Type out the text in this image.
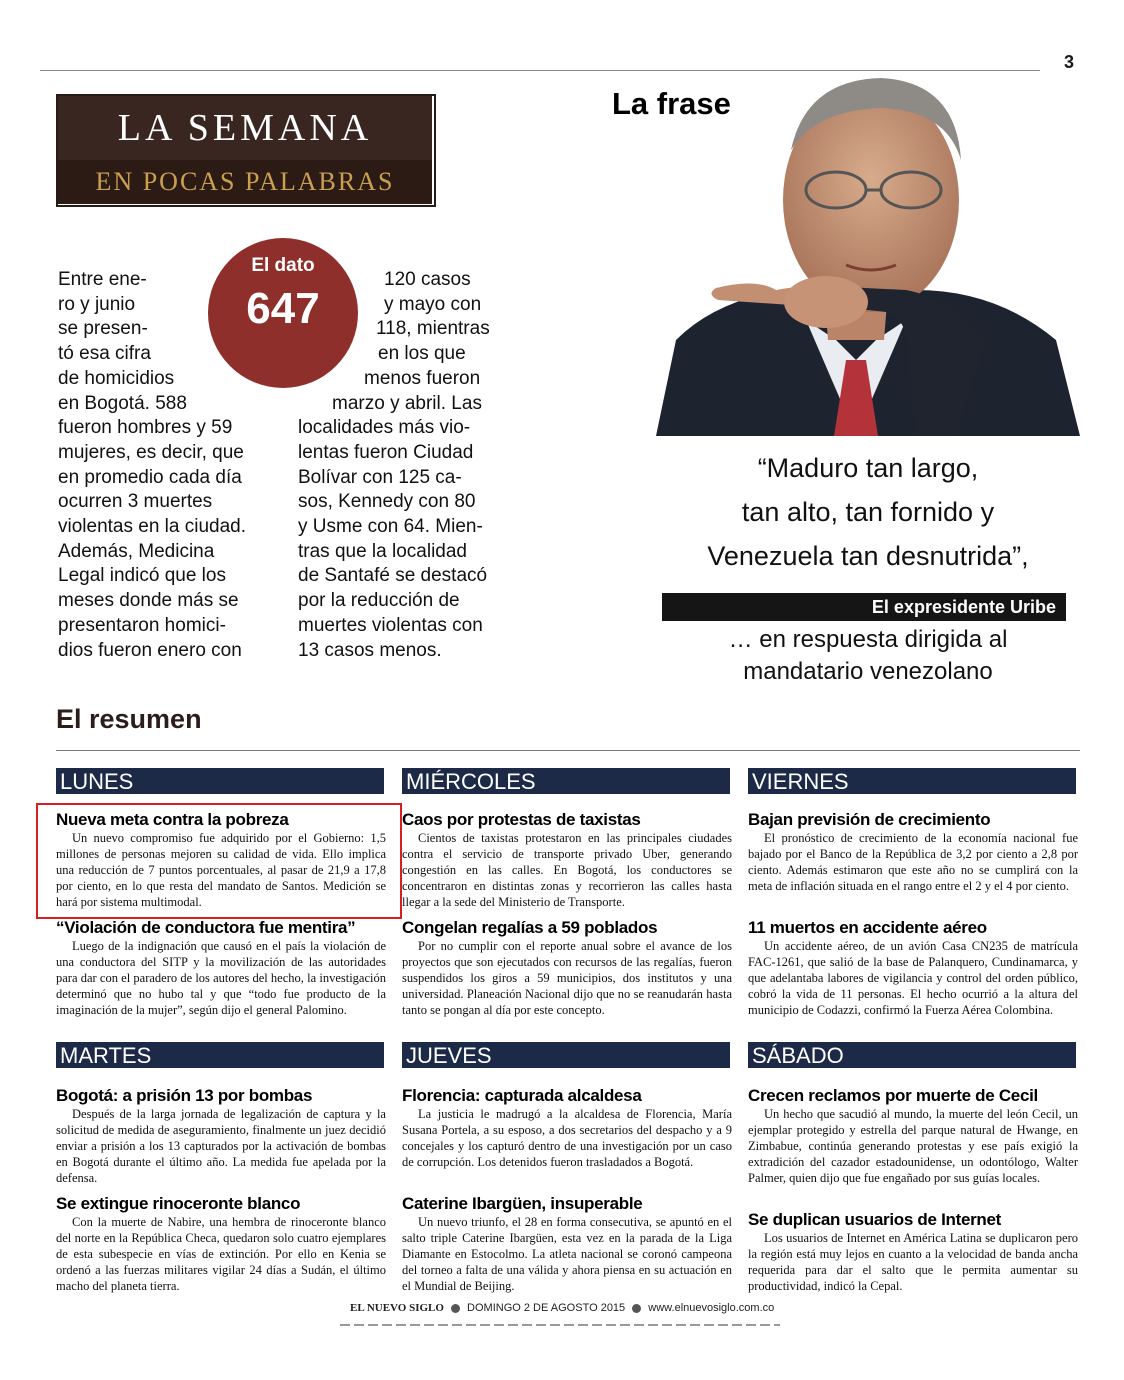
3
LA SEMANA
EN POCAS PALABRAS
La frase
Entre ene-
ro y junio
se presen-
tó esa cifra
de homicidios
en Bogotá. 588
fueron hombres y 59
mujeres, es decir, que
en promedio cada día
ocurren 3 muertes
violentas en la ciudad.
Además, Medicina
Legal indicó que los
meses donde más se
presentaron homici-
dios fueron enero con
120 casos
y mayo con
118, mientras
en los que
menos fueron
marzo y abril. Las
localidades más vio-
lentas fueron Ciudad
Bolívar con 125 ca-
sos, Kennedy con 80
y Usme con 64. Mien-
tras que la localidad
de Santafé se destacó
por la reducción de
muertes violentas con
13 casos menos.
El dato
647
“Maduro tan largo,
tan alto, tan fornido y
Venezuela tan desnutrida”,
El expresidente Uribe
… en respuesta dirigida al
mandatario venezolano
El resumen
LUNES
Nueva meta contra la pobreza
Un nuevo compromiso fue adquirido por el Gobierno: 1,5 millones de personas mejoren su calidad de vida. Ello implica una reducción de 7 puntos porcentuales, al pasar de 21,9 a 17,8 por ciento, en lo que resta del mandato de Santos. Medición se hará por sistema multimodal.
“Violación de conductora fue mentira”
Luego de la indignación que causó en el país la violación de una conductora del SITP y la movilización de las autoridades para dar con el paradero de los autores del hecho, la investigación determinó que no hubo tal y que “todo fue producto de la imaginación de la mujer”, según dijo el general Palomino.
MARTES
Bogotá: a prisión 13 por bombas
Después de la larga jornada de legalización de captura y la solicitud de medida de aseguramiento, finalmente un juez decidió enviar a prisión a los 13 capturados por la activación de bombas en Bogotá durante el último año. La medida fue apelada por la defensa.
Se extingue rinoceronte blanco
Con la muerte de Nabire, una hembra de rinoceronte blanco del norte en la República Checa, quedaron solo cuatro ejemplares de esta subespecie en vías de extinción. Por ello en Kenia se ordenó a las fuerzas militares vigilar 24 días a Sudán, el último macho del planeta tierra.
MIÉRCOLES
Caos por protestas de taxistas
Cientos de taxistas protestaron en las principales ciudades contra el servicio de transporte privado Uber, generando congestión en las calles. En Bogotá, los conductores se concentraron en distintas zonas y recorrieron las calles hasta llegar a la sede del Ministerio de Transporte.
Congelan regalías a 59 poblados
Por no cumplir con el reporte anual sobre el avance de los proyectos que son ejecutados con recursos de las regalías, fueron suspendidos los giros a 59 municipios, dos institutos y una universidad. Planeación Nacional dijo que no se reanudarán hasta tanto se pongan al día por este concepto.
JUEVES
Florencia: capturada alcaldesa
La justicia le madrugó a la alcaldesa de Florencia, María Susana Portela, a su esposo, a dos secretarios del despacho y a 9 concejales y los capturó dentro de una investigación por un caso de corrupción. Los detenidos fueron trasladados a Bogotá.
Caterine Ibargüen, insuperable
Un nuevo triunfo, el 28 en forma consecutiva, se apuntó en el salto triple Caterine Ibargüen, esta vez en la parada de la Liga Diamante en Estocolmo. La atleta nacional se coronó campeona del torneo a falta de una válida y ahora piensa en su actuación en el Mundial de Beijing.
VIERNES
Bajan previsión de crecimiento
El pronóstico de crecimiento de la economía nacional fue bajado por el Banco de la República de 3,2 por ciento a 2,8 por ciento. Además estimaron que este año no se cumplirá con la meta de inflación situada en el rango entre el 2 y el 4 por ciento.
11 muertos en accidente aéreo
Un accidente aéreo, de un avión Casa CN235 de matrícula FAC-1261, que salió de la base de Palanquero, Cundinamarca, y que adelantaba labores de vigilancia y control del orden público, cobró la vida de 11 personas. El hecho ocurrió a la altura del municipio de Codazzi, confirmó la Fuerza Aérea Colombina.
SÁBADO
Crecen reclamos por muerte de Cecil
Un hecho que sacudió al mundo, la muerte del león Cecil, un ejemplar protegido y estrella del parque natural de Hwange, en Zimbabue, continúa generando protestas y ese país exigió la extradición del cazador estadounidense, un odontólogo, Walter Palmer, quien dijo que fue engañado por sus guías locales.
Se duplican usuarios de Internet
Los usuarios de Internet en América Latina se duplicaron pero la región está muy lejos en cuanto a la velocidad de banda ancha requerida para dar el salto que le permita aumentar su productividad, indicó la Cepal.
EL NUEVO SIGLO DOMINGO 2 DE AGOSTO 2015 www.elnuevosiglo.com.co
